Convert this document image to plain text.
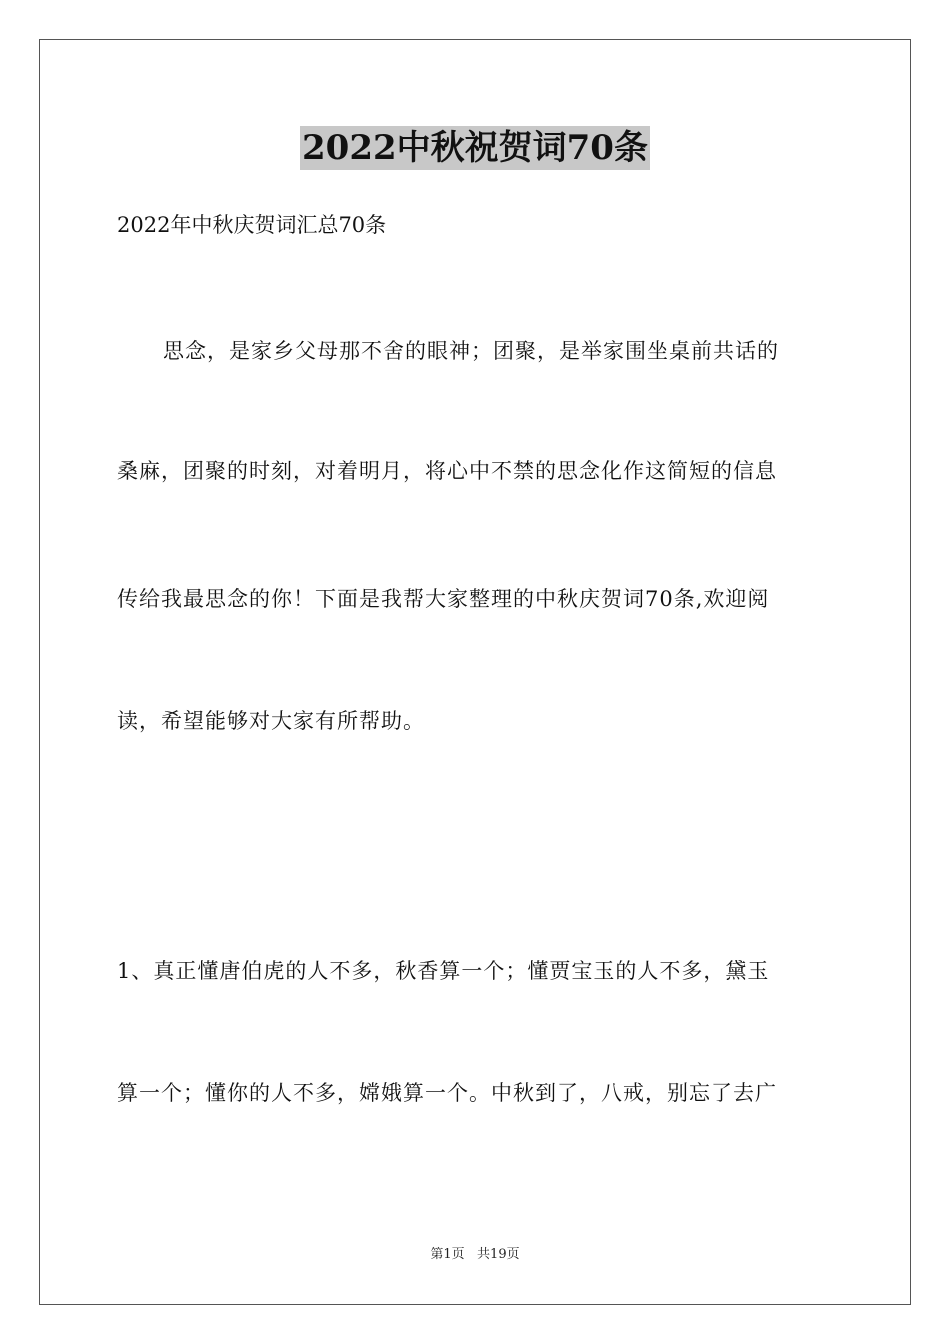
2022中秋祝贺词70条
2022年中秋庆贺词汇总70条
思念，是家乡父母那不舍的眼神；团聚，是举家围坐桌前共话的
桑麻，团聚的时刻，对着明月，将心中不禁的思念化作这简短的信息
传给我最思念的你！下面是我帮大家整理的中秋庆贺词70条,欢迎阅
读，希望能够对大家有所帮助。
1、真正懂唐伯虎的人不多，秋香算一个；懂贾宝玉的人不多，黛玉
算一个；懂你的人不多，嫦娥算一个。中秋到了，八戒，别忘了去广
第1页   共19页
